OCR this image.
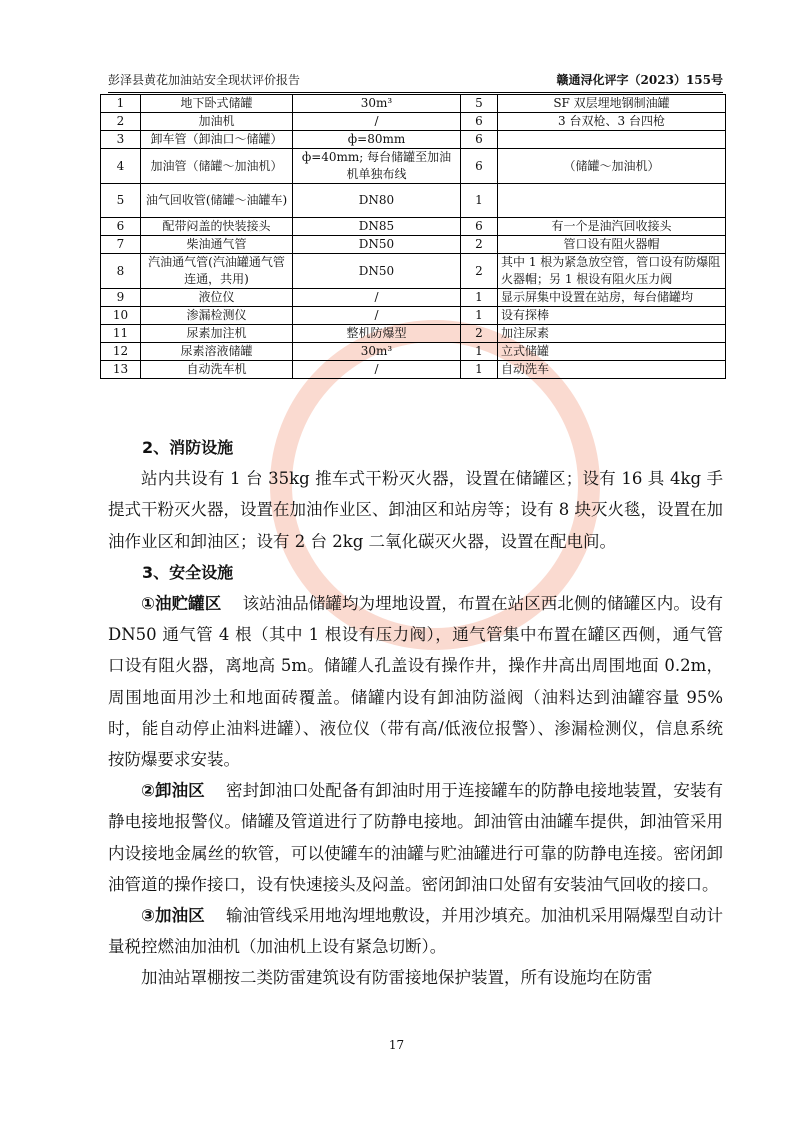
彭泽县黄花加油站安全现状评价报告	赣通浔化评字（2023）155号
1	地下卧式储罐	30m³	5	SF 双层埋地钢制油罐
2	加油机	/	6	3 台双枪、3 台四枪
3	卸车管（卸油口～储罐）	ф=80mm	6	
4	加油管（储罐～加油机）	ф=40mm; 每台储罐至加油机单独布线	6	（储罐～加油机）
5	油气回收管(储罐～油罐车)	DN80	1	
6	配带闷盖的快装接头	DN85	6	有一个是油汽回收接头
7	柴油通气管	DN50	2	管口设有阻火器帽
8	汽油通气管(汽油罐通气管连通，共用)	DN50	2	其中 1 根为紧急放空管，管口设有防爆阻火器帽；另 1 根设有阻火压力阀
9	液位仪	/	1	显示屏集中设置在站房，每台储罐均
10	渗漏检测仪	/	1	设有探棒
11	尿素加注机	整机防爆型	2	加注尿素
12	尿素溶液储罐	30m³	1	立式储罐
13	自动洗车机	/	1	自动洗车

2、消防设施

站内共设有 1 台 35kg 推车式干粉灭火器，设置在储罐区；设有 16 具 4kg 手提式干粉灭火器，设置在加油作业区、卸油区和站房等；设有 8 块灭火毯，设置在加油作业区和卸油区；设有 2 台 2kg 二氧化碳灭火器，设置在配电间。

3、安全设施

①油贮罐区 该站油品储罐均为埋地设置，布置在站区西北侧的储罐区内。设有 DN50 通气管 4 根（其中 1 根设有压力阀），通气管集中布置在罐区西侧，通气管口设有阻火器，离地高 5m。储罐人孔盖设有操作井，操作井高出周围地面 0.2m，周围地面用沙土和地面砖覆盖。储罐内设有卸油防溢阀（油料达到油罐容量 95%时，能自动停止油料进罐）、液位仪（带有高/低液位报警）、渗漏检测仪，信息系统按防爆要求安装。

②卸油区 密封卸油口处配备有卸油时用于连接罐车的防静电接地装置，安装有静电接地报警仪。储罐及管道进行了防静电接地。卸油管由油罐车提供，卸油管采用内设接地金属丝的软管，可以使罐车的油罐与贮油罐进行可靠的防静电连接。密闭卸油管道的操作接口，设有快速接头及闷盖。密闭卸油口处留有安装油气回收的接口。

③加油区 输油管线采用地沟埋地敷设，并用沙填充。加油机采用隔爆型自动计量税控燃油加油机（加油机上设有紧急切断）。

加油站罩棚按二类防雷建筑设有防雷接地保护装置，所有设施均在防雷

17
